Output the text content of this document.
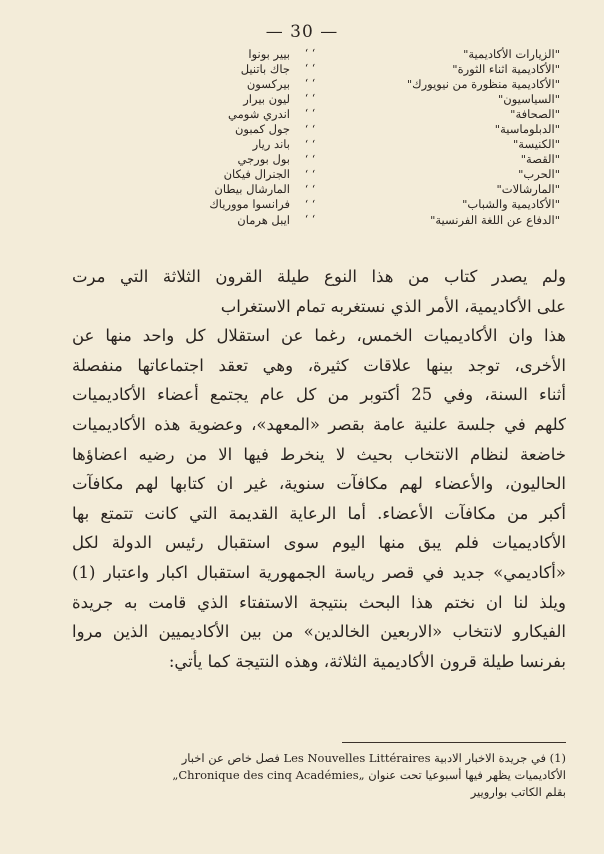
— 30 —
"الزيارات الأكاديمية"
‘ ‘
بيير بونوا
"الأكاديمية اثناء الثورة"
‘ ‘
جاك باتنيل
"الأكاديمية منظورة من نيويورك"
‘ ‘
بيركسون
"السياسيون"
‘ ‘
ليون بيرار
"الصحافة"
‘ ‘
اندري شومي
"الدبلوماسية"
‘ ‘
جول كمبون
"الكنيسة"
‘ ‘
باند ريار
"القصة"
‘ ‘
بول بورجي
"الحرب"
‘ ‘
الجنرال فيكان
"المارشالات"
‘ ‘
المارشال بيطان
"الأكاديمية والشباب"
‘ ‘
فرانسوا موورياك
"الدفاع عن اللغة الفرنسية"
‘ ‘
ايبل هرمان
ولم يصدر كتاب من هذا النوع طيلة القرون الثلاثة التي مرت
على الأكاديمية، الأمر الذي نستغربه تمام الاستغراب
هذا وان الأكاديميات الخمس، رغما عن استقلال كل واحد منها عن
الأخرى، توجد بينها علاقات كثيرة، وهي تعقد اجتماعاتها منفصلة
أثناء السنة، وفي 25 أكتوبر من كل عام يجتمع أعضاء الأكاديميات
كلهم في جلسة علنية عامة بقصر «المعهد»، وعضوية هذه الأكاديميات
خاضعة لنظام الانتخاب بحيث لا ينخرط فيها الا من رضيه اعضاؤها
الحاليون، والأعضاء لهم مكافآت سنوية، غير ان كتابها لهم مكافآت
أكبر من مكافآت الأعضاء. أما الرعاية القديمة التي كانت تتمتع بها
الأكاديميات فلم يبق منها اليوم سوى استقبال رئيس الدولة لكل
«أكاديمي» جديد في قصر رياسة الجمهورية استقبال اكبار واعتبار (1)
ويلذ لنا ان نختم هذا البحث بنتيجة الاستفتاء الذي قامت به جريدة
الفيكارو لانتخاب «الاربعين الخالدين» من بين الأكاديميين الذين مروا
بفرنسا طيلة قرون الأكاديمية الثلاثة، وهذه النتيجة كما يأتي:
(1) في جريدة الاخبار الادبية Les Nouvelles Littéraires فصل خاص عن اخبار
الأكاديميات يظهر فيها أسبوعيا تحت عنوان „Chronique des cinq Académies„
بقلم الكاتب بوارويير
